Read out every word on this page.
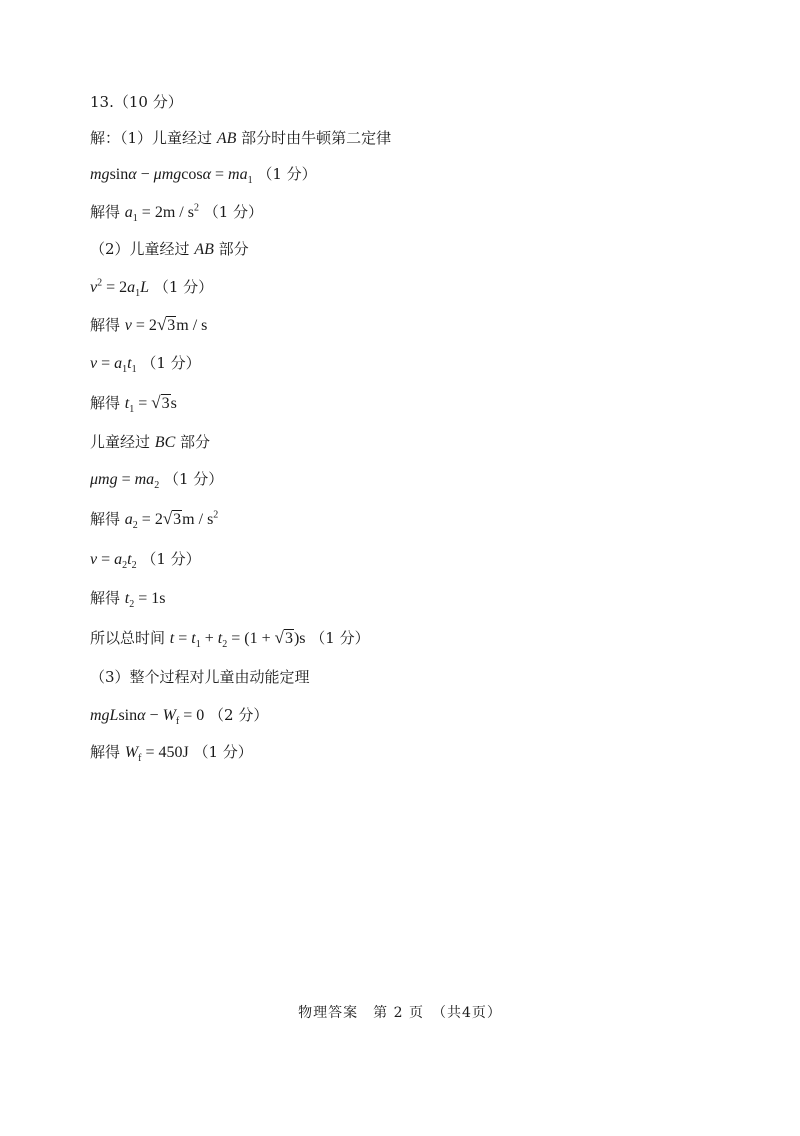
13.（10 分）
解：（1）儿童经过 AB 部分时由牛顿第二定律
$mgsin\alpha - \mu mgcos\alpha = ma_1$ （1 分）
解得 $a_1 = 2m / s^2$ （1 分）
（2）儿童经过 AB 部分
$v^2 = 2a_1L$ （1 分）
解得 v = 2√3m / s
$v = a_1t_1$ （1 分）
解得 $t_1 = √3s$
儿童经过 BC 部分
$\mu mg = ma_2$ （1 分）
解得 $a_2 = 2√3m / s^2$
$v = a_2t_2$ （1 分）
解得 $t_2 = 1s$
所以总时间 $t = t_1 + t_2 = (1 + √3)s$ （1 分）
（3）整个过程对儿童由动能定理
$mgLsin\alpha - W_f = 0$ （2 分）
解得 $W_f = 450J$ （1 分）
物理答案　第 2 页　（共4页）
